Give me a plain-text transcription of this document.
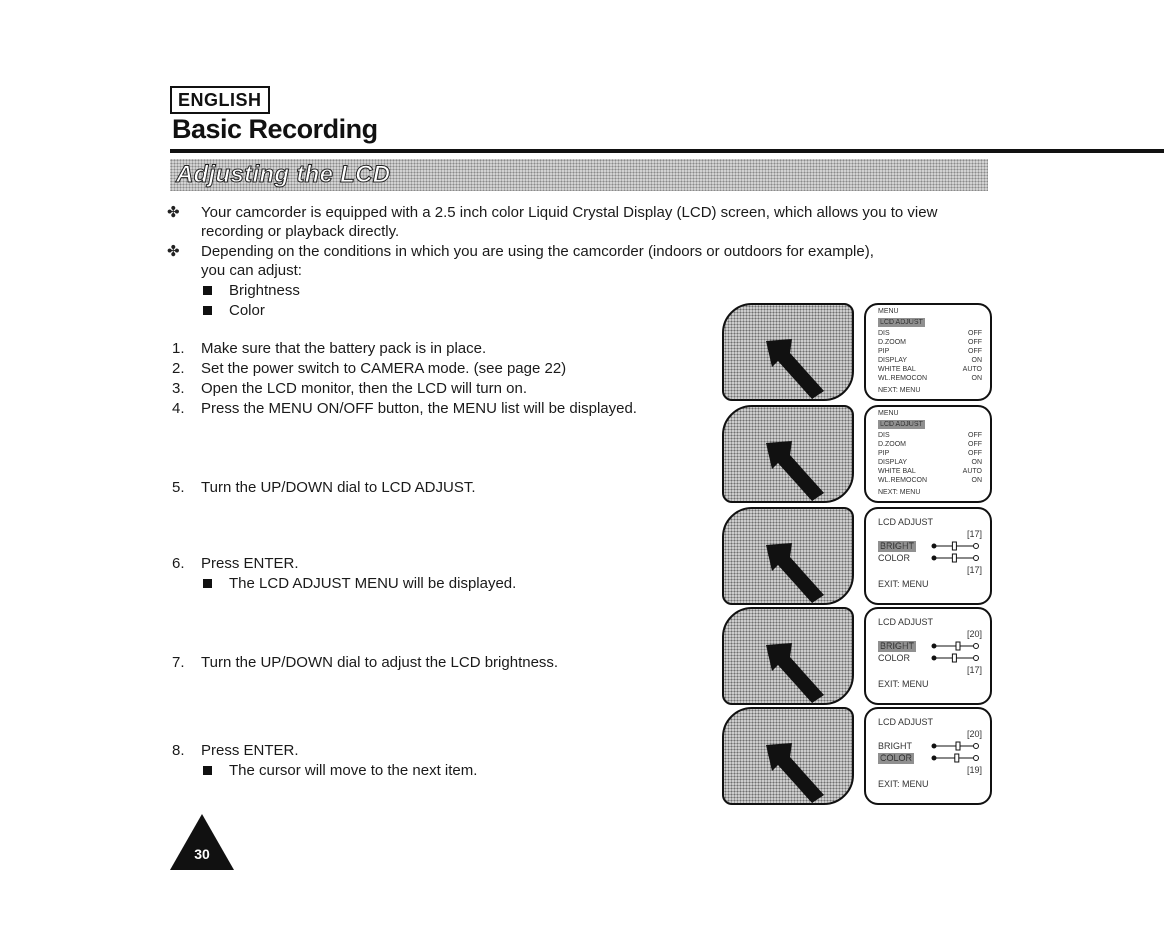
ENGLISH
Basic Recording
Adjusting the LCD
✤ Your camcorder is equipped with a 2.5 inch color Liquid Crystal Display (LCD) screen, which allows you to view
recording or playback directly.
✤ Depending on the conditions in which you are using the camcorder (indoors or outdoors for example),
you can adjust:
Brightness
Color
1. Make sure that the battery pack is in place.
2. Set the power switch to CAMERA mode. (see page 22)
3. Open the LCD monitor, then the LCD will turn on.
4. Press the MENU ON/OFF button, the MENU list will be displayed.
5. Turn the UP/DOWN dial to LCD ADJUST.
6. Press ENTER.
The LCD ADJUST MENU will be displayed.
7. Turn the UP/DOWN dial to adjust the LCD brightness.
8. Press ENTER.
The cursor will move to the next item.
MENU
LCD ADJUST
DIS	OFF
D.ZOOM	OFF
PIP	OFF
DISPLAY	ON
WHITE BAL	AUTO
WL.REMOCON	ON
NEXT: MENU
MENU
LCD ADJUST
DIS	OFF
D.ZOOM	OFF
PIP	OFF
DISPLAY	ON
WHITE BAL	AUTO
WL.REMOCON	ON
NEXT: MENU
LCD ADJUST
[17]
BRIGHT
COLOR
[17]
EXIT: MENU
LCD ADJUST
[20]
BRIGHT
COLOR
[17]
EXIT: MENU
LCD ADJUST
[20]
BRIGHT
COLOR
[19]
EXIT: MENU
30
